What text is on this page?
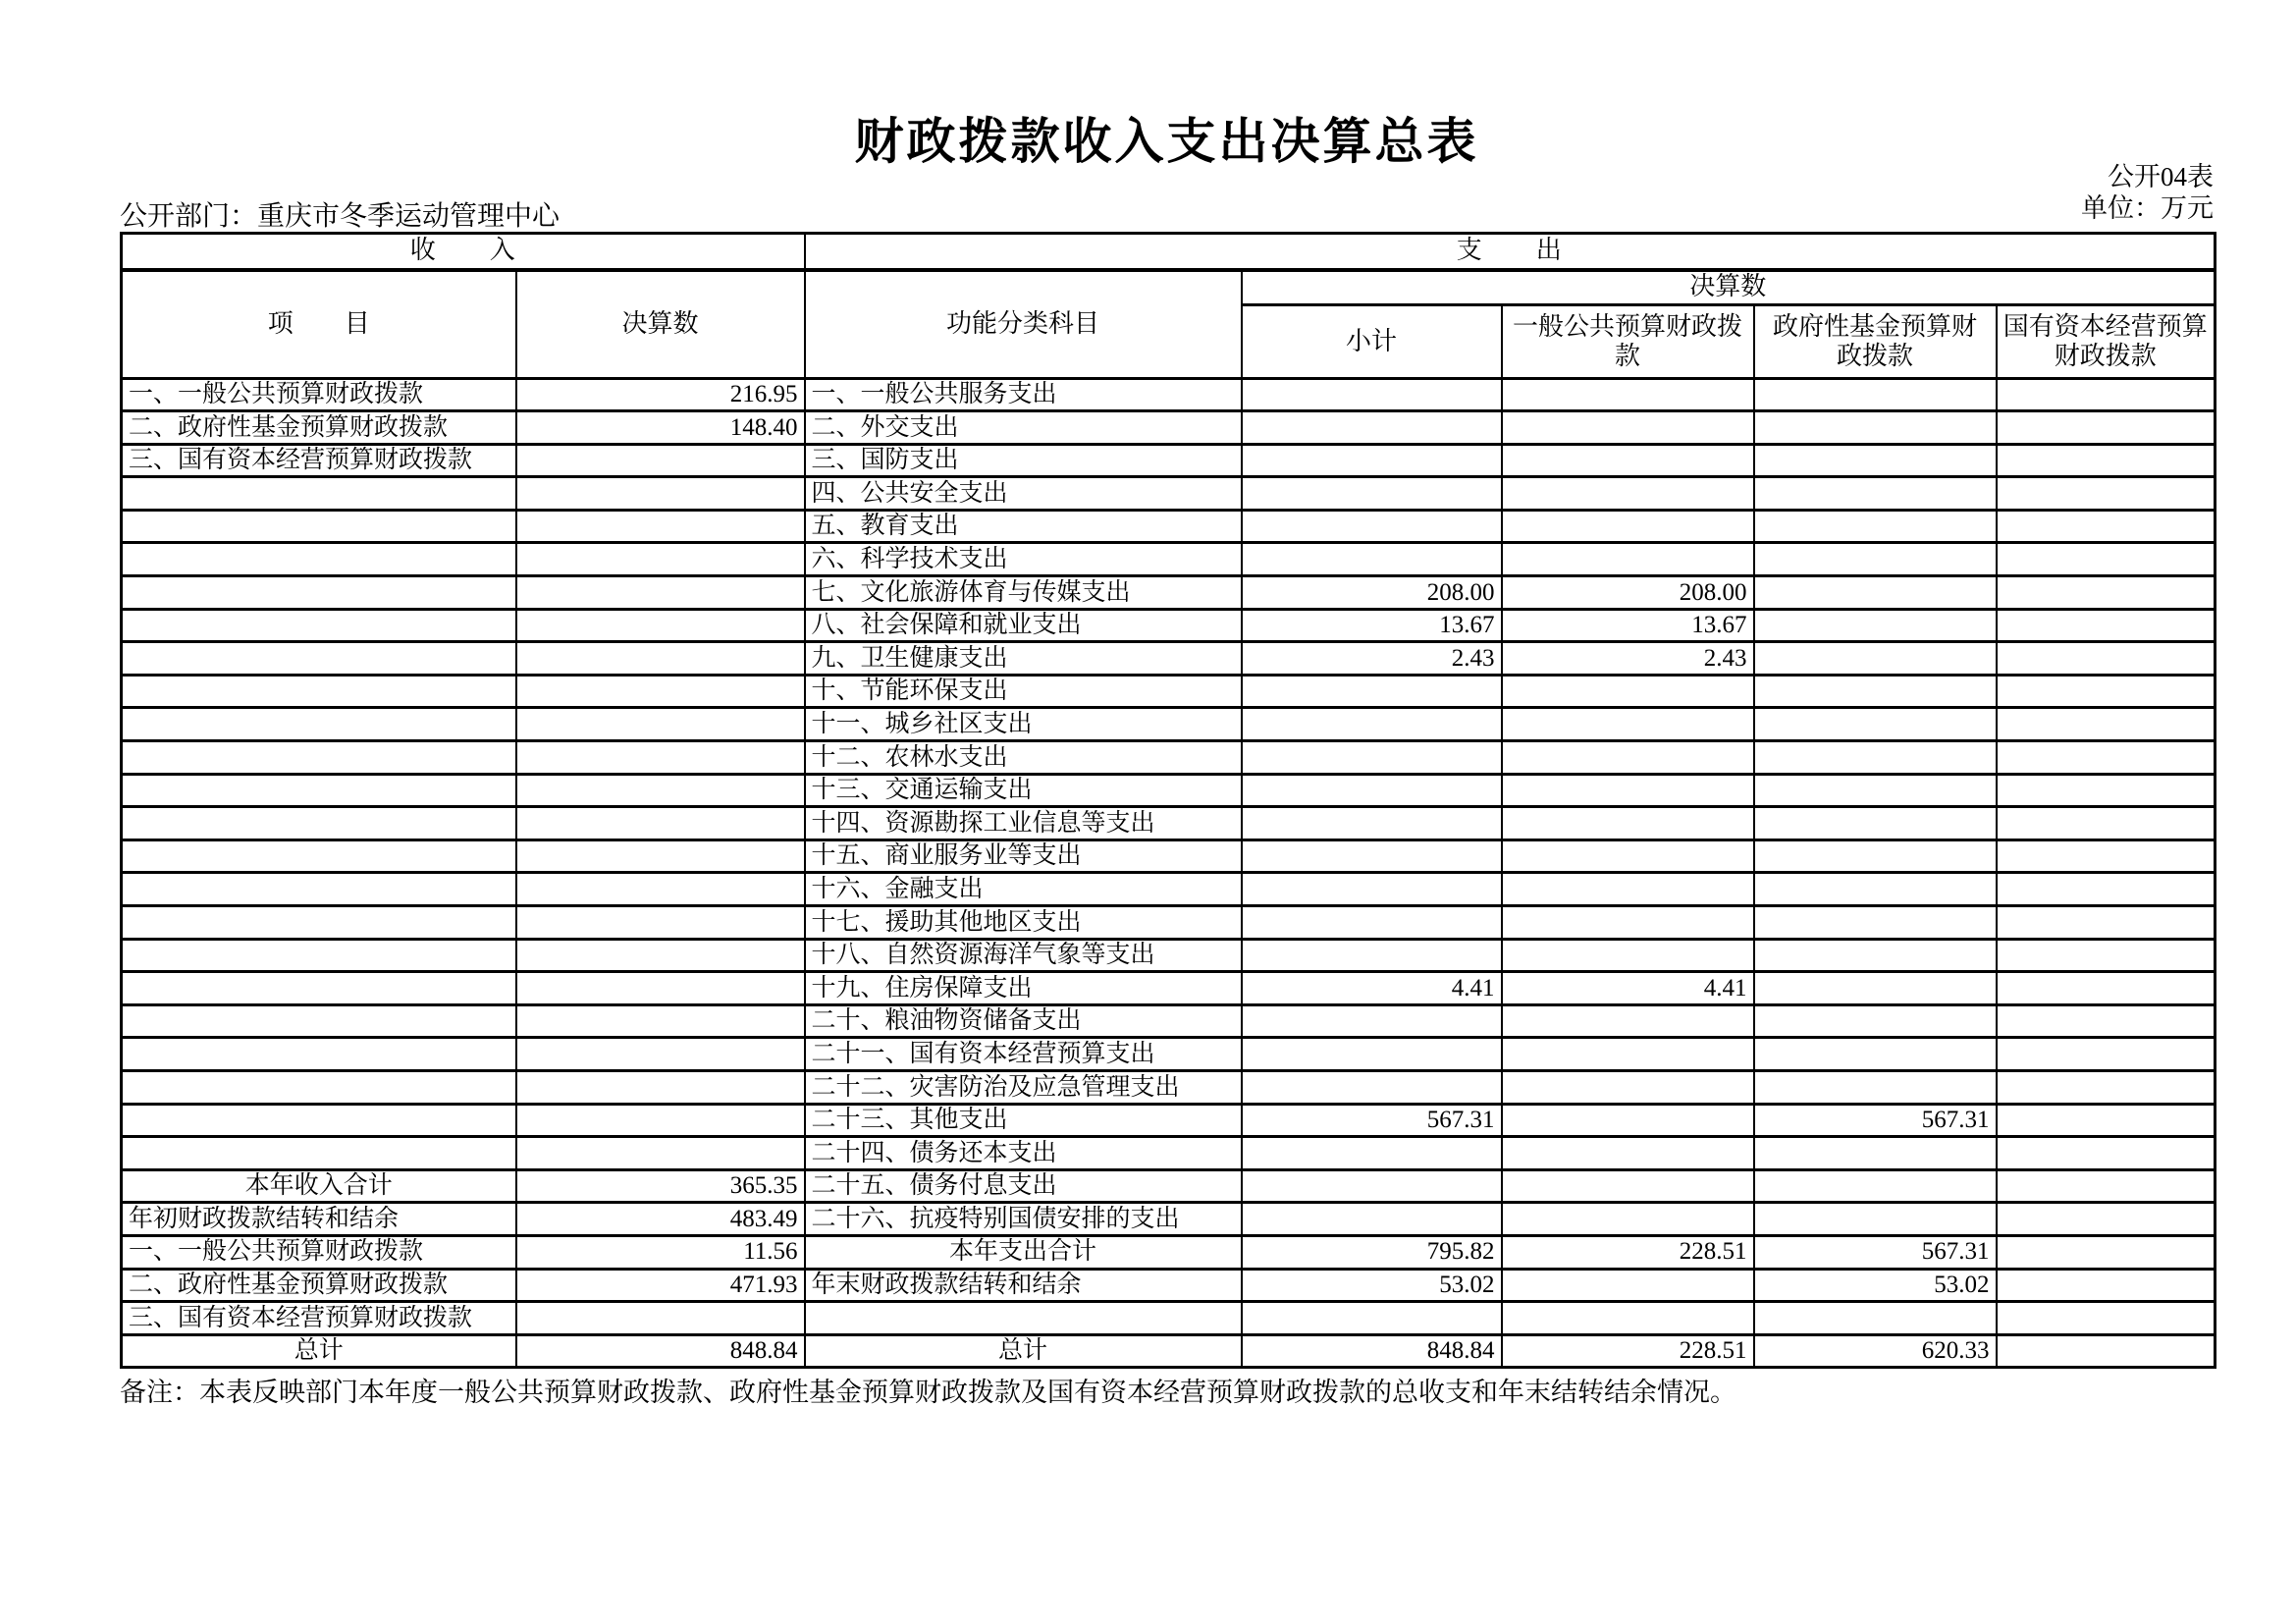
财政拨款收入支出决算总表
公开04表
单位：万元
公开部门：重庆市冬季运动管理中心
收　　入		支　　出				
项　　目	决算数	功能分类科目	决算数			
			小计	一般公共预算财政拨款	政府性基金预算财政拨款	国有资本经营预算财政拨款
一、一般公共预算财政拨款	216.95	一、一般公共服务支出				
二、政府性基金预算财政拨款	148.40	二、外交支出				
三、国有资本经营预算财政拨款		三、国防支出				
		四、公共安全支出				
		五、教育支出				
		六、科学技术支出				
		七、文化旅游体育与传媒支出	208.00	208.00		
		八、社会保障和就业支出	13.67	13.67		
		九、卫生健康支出	2.43	2.43		
		十、节能环保支出				
		十一、城乡社区支出				
		十二、农林水支出				
		十三、交通运输支出				
		十四、资源勘探工业信息等支出				
		十五、商业服务业等支出				
		十六、金融支出				
		十七、援助其他地区支出				
		十八、自然资源海洋气象等支出				
		十九、住房保障支出	4.41	4.41		
		二十、粮油物资储备支出				
		二十一、国有资本经营预算支出				
		二十二、灾害防治及应急管理支出				
		二十三、其他支出	567.31		567.31	
		二十四、债务还本支出				
本年收入合计	365.35	二十五、债务付息支出				
年初财政拨款结转和结余	483.49	二十六、抗疫特别国债安排的支出				
一、一般公共预算财政拨款	11.56	本年支出合计	795.82	228.51	567.31	
二、政府性基金预算财政拨款	471.93	年末财政拨款结转和结余	53.02		53.02	
三、国有资本经营预算财政拨款						
总计	848.84	总计	848.84	228.51	620.33	
备注：本表反映部门本年度一般公共预算财政拨款、政府性基金预算财政拨款及国有资本经营预算财政拨款的总收支和年末结转结余情况。
